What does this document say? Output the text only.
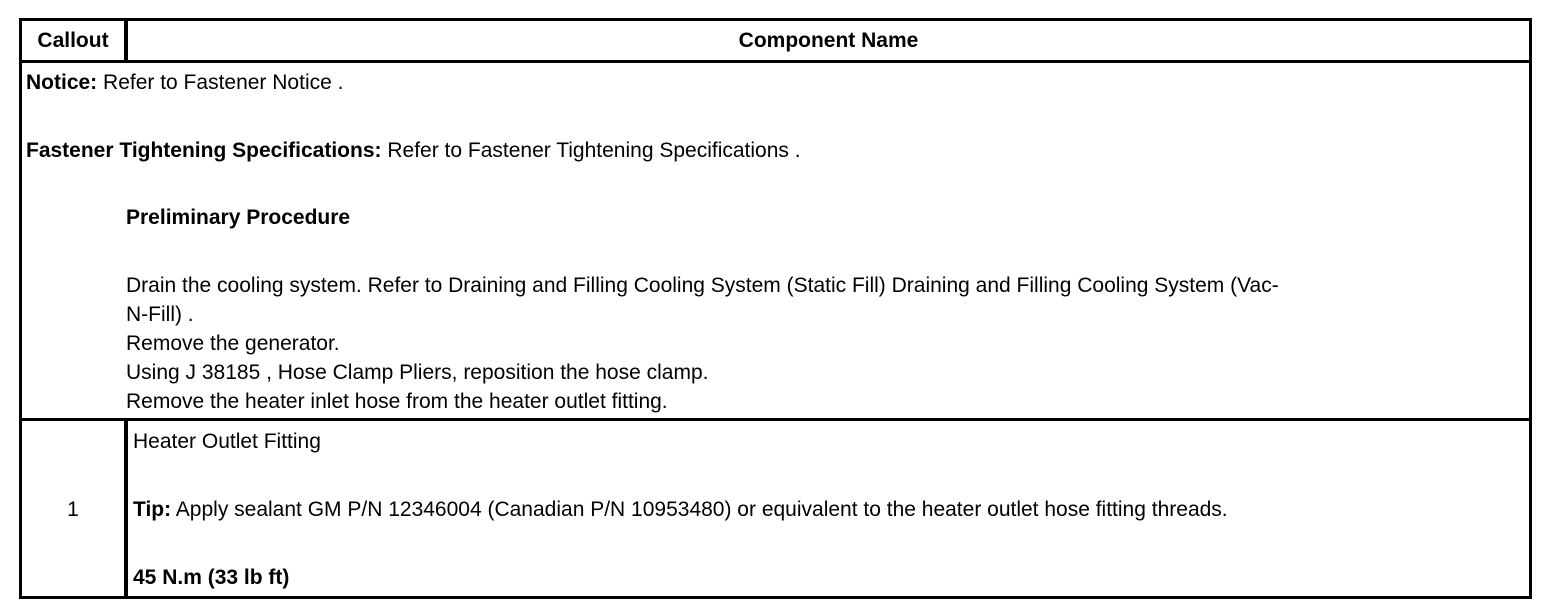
Callout	Component Name
Notice: Refer to Fastener Notice .
Fastener Tightening Specifications: Refer to Fastener Tightening Specifications .
Preliminary Procedure
Drain the cooling system. Refer to Draining and Filling Cooling System (Static Fill) Draining and Filling Cooling System (Vac-
N-Fill) .
Remove the generator.
Using J 38185 , Hose Clamp Pliers, reposition the hose clamp.
Remove the heater inlet hose from the heater outlet fitting.
1
Heater Outlet Fitting
Tip: Apply sealant GM P/N 12346004 (Canadian P/N 10953480) or equivalent to the heater outlet hose fitting threads.
45 N.m (33 lb ft)
